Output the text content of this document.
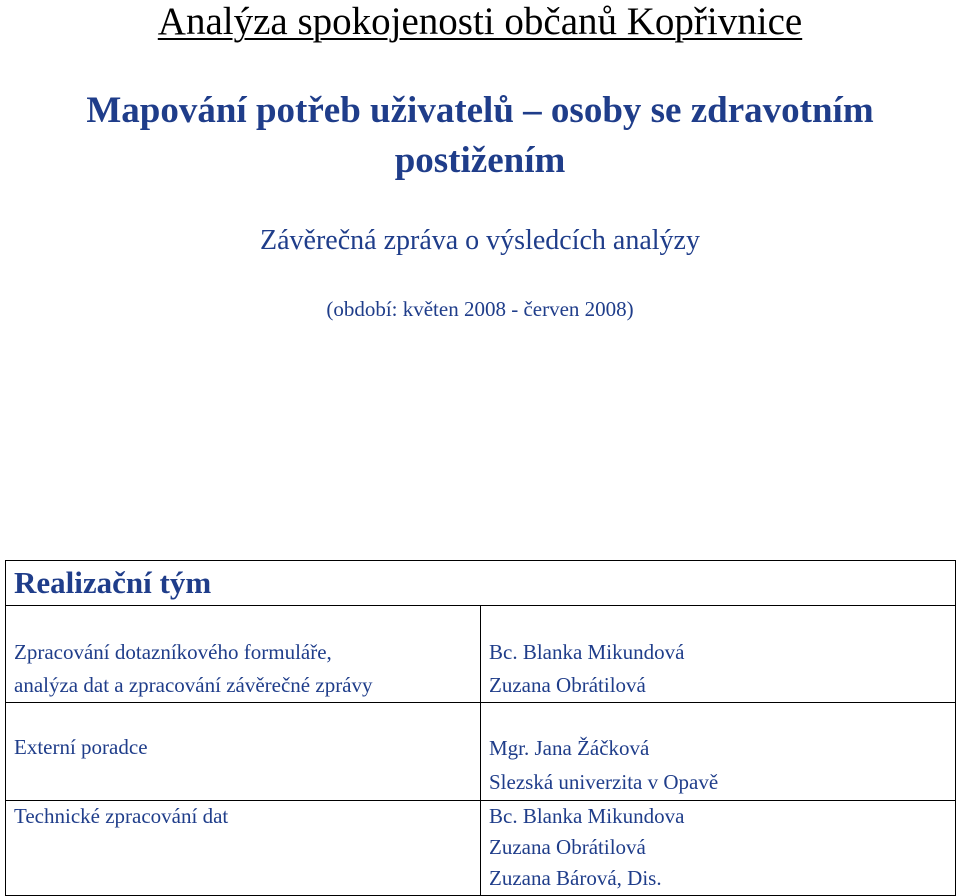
Analýza spokojenosti občanů Kopřivnice
Mapování potřeb uživatelů – osoby se zdravotním
postižením
Závěrečná zpráva o výsledcích analýzy
(období: květen 2008 - červen 2008)
Realizační tým	

Zpracování dotazníkového formuláře,
analýza dat a zpracování závěrečné zprávy	Bc. Blanka Mikundová
Zuzana Obrátilová

Externí poradce	Mgr. Jana Žáčková
Slezská univerzita v Opavě

Technické zpracování dat	Bc. Blanka Mikundova
Zuzana Obrátilová
Zuzana Bárová, Dis.
